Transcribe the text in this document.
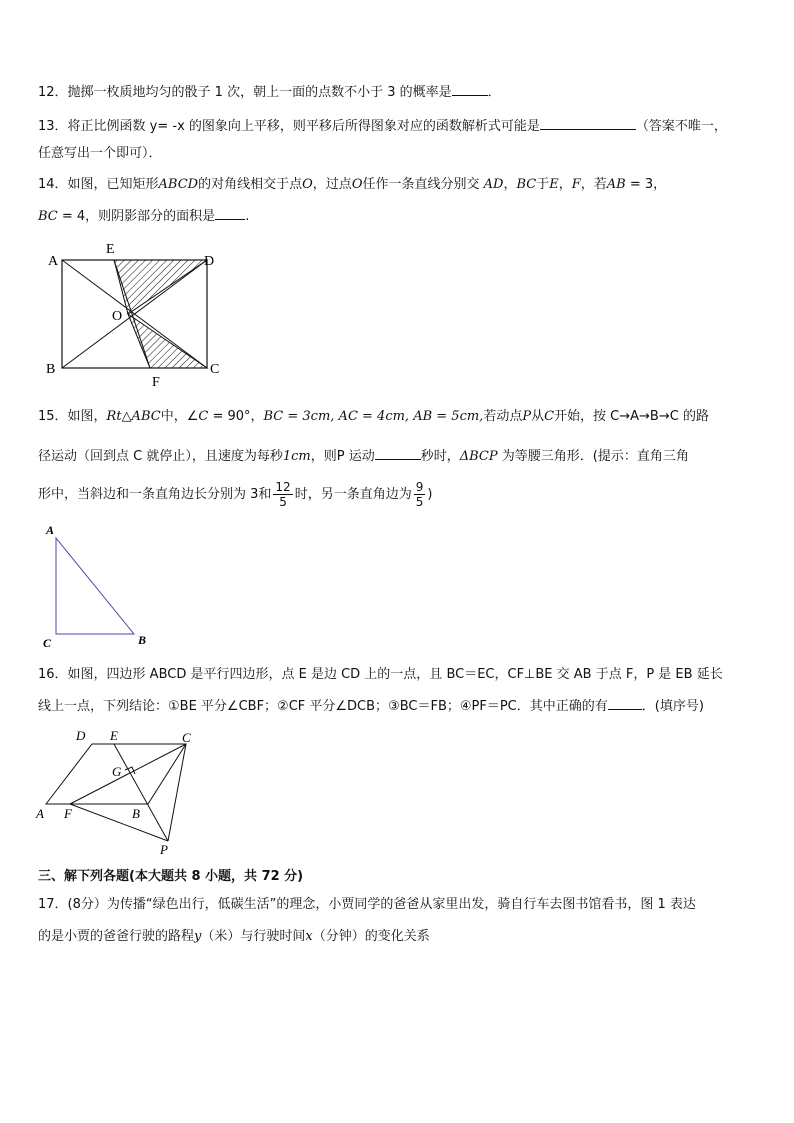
12．抛掷一枚质地均匀的骰子 1 次，朝上一面的点数不小于 3 的概率是	．
13．将正比例函数 y= -x 的图象向上平移，则平移后所得图象对应的函数解析式可能是	（答案不唯一，
任意写出一个即可）．
14．如图，已知矩形ABCD的对角线相交于点O，过点O任作一条直线分别交 AD，BC于E，F，若AB = 3，
BC = 4，则阴影部分的面积是 .
A
E
D
O
B
F
C
15．如图，Rt△ABC中，∠C = 90°，BC = 3cm, AC = 4cm, AB = 5cm,若动点P从C开始，按 C→A→B→C 的路
径运动（回到点 C 就停止），且速度为每秒1cm，则P 运动	秒时，ΔBCP 为等腰三角形．(提示：直角三角
形中，当斜边和一条直角边长分别为 3和 $\frac{12}{5}$ 时，另一条直角边为 $\frac{9}{5}$ )
A
C	B
16．如图，四边形 ABCD 是平行四边形，点 E 是边 CD 上的一点，且 BC＝EC，CF⊥BE 交 AB 于点 F，P 是 EB 延长
线上一点，下列结论：①BE 平分∠CBF；②CF 平分∠DCB；③BC＝FB；④PF＝PC．其中正确的有	．(填序号)
D E	C
G
A F	B
P
三、解下列各题(本大题共 8 小题，共 72 分)
17．(8分）为传播“绿色出行，低碳生活”的理念，小贾同学的爸爸从家里出发，骑自行车去图书馆看书，图 1 表达
的是小贾的爸爸行驶的路程y（米）与行驶时间x（分钟）的变化关系
